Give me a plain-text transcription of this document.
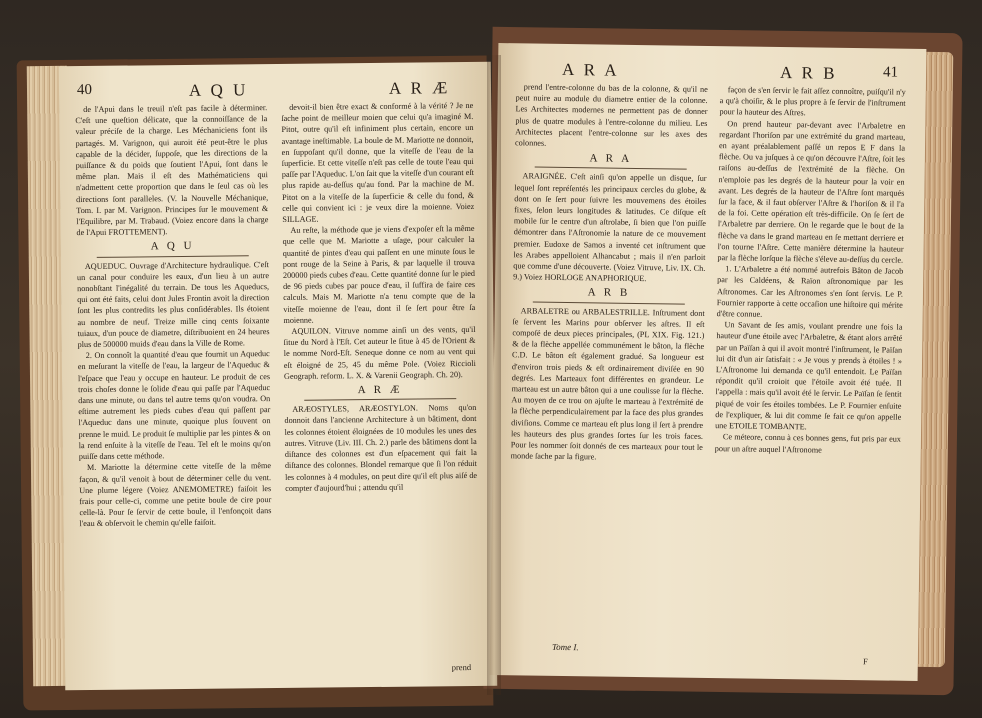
40	A Q U	A R Æ

de l'Apui dans le treuil n'eſt pas facile à déterminer. C'eſt une queſtion délicate, que la connoiſſance de la valeur préciſe de la charge. Les Méchaniciens font ils partagés. M. Varignon, qui auroit été peut-être le plus capable de la décider, ſuppoſe, que les directions de la puiſſance & du poids que ſoutient l'Apui, ſont dans le même plan. Mais il eſt des Mathématiciens qui n'admettent cette proportion que dans le ſeul cas où les directions ſont paralleles. (V. la Nouvelle Méchanique, Tom. I. par M. Varignon. Principes ſur le mouvement & l'Equilibre, par M. Trabaud. (Voiez encore dans la charge de l'Apui FROTTEMENT).

A Q U

AQUEDUC. Ouvrage d'Architecture hydraulique. C'eſt un canal pour conduire les eaux, d'un lieu à un autre nonobſtant l'inégalité du terrain. De tous les Aqueducs, qui ont été faits, celui dont Jules Frontin avoit la direction ſont les plus contredits les plus conſidérables. Ils étoient au nombre de neuf. Treize mille cinq cents ſoixante tuiaux, d'un pouce de diametre, diſtribuoient en 24 heures plus de 500000 muids d'eau dans la Ville de Rome.

2. On connoît la quantité d'eau que fournit un Aqueduc en meſurant la viteſſe de l'eau, la largeur de l'Aqueduc & l'eſpace que l'eau y occupe en hauteur. Le produit de ces trois choſes donne le ſolide d'eau qui paſſe par l'Aqueduc dans une minute, ou dans tel autre tems qu'on voudra. On eſtime autrement les pieds cubes d'eau qui paſſent par l'Aqueduc dans une minute, quoique plus ſouvent on prenne le muid. Le produit ſe multiplie par les pintes & on la rend enſuite à la viteſſe de l'eau. Tel eſt le moins qu'on puiſſe dans cette méthode.

M. Mariotte la détermine cette viteſſe de la même façon, & qu'il venoit à bout de déterminer celle du vent. Une plume légere (Voiez ANEMOMETRE) faiſoit les frais pour celle-ci, comme une petite boule de cire pour celle-là. Pour ſe ſervir de cette boule, il l'enfonçoit dans l'eau & obſervoit le chemin qu'elle faiſoit.

devoit-il bien être exact & conformé à la vérité ? Je ne ſache point de meilleur moien que celui qu'a imaginé M. Pitot, outre qu'il eſt infiniment plus certain, encore un avantage ineſtimable. La boule de M. Mariotte ne donnoit, en ſuppoſant qu'il donne, que la viteſſe de l'eau de la ſuperficie. Et cette viteſſe n'eſt pas celle de toute l'eau qui paſſe par l'Aqueduc. L'on ſait que la viteſſe d'un courant eſt plus rapide au-deſſus qu'au fond. Par la machine de M. Pitot on a la viteſſe de la ſuperficie & celle du fond, & celle qui convient ici : je veux dire la moienne. Voiez SILLAGE.

Au reſte, la méthode que je viens d'expoſer eſt la même que celle que M. Mariotte a uſage, pour calculer la quantité de pintes d'eau qui paſſent en une minute ſous le pont rouge de la Seine à Paris, & par laquelle il trouva 200000 pieds cubes d'eau. Cette quantité donne ſur le pied de 96 pieds cubes par pouce d'eau, il ſuffira de faire ces calculs. Mais M. Mariotte n'a tenu compte que de la viteſſe moienne de l'eau, dont il ſe ſert pour être ſa moienne.

AQUILON. Vitruve nomme ainſi un des vents, qu'il ſitue du Nord à l'Eſt. Cet auteur le ſitue à 45 de l'Orient & le nomme Nord-Eſt. Seneque donne ce nom au vent qui eſt éloigné de 25, 45 du même Pole. (Voiez Riccioli Geograph. reform. L. X. & Varenii Geograph. Ch. 20).

A R Æ

ARÆOSTYLES, ARÆOSTYLON. Noms qu'on donnoit dans l'ancienne Architecture à un bâtiment, dont les colonnes étoient éloignées de 10 modules les unes des autres. Vitruve (Liv. III. Ch. 2.) parle des bâtimens dont la diſtance des colonnes est d'un eſpacement qui fait la diſtance des colonnes. Blondel remarque que ſi l'on réduit les colonnes à 4 modules, on peut dire qu'il eſt plus aiſé de compter d'aujourd'hui ; attendu qu'il

prend
A R A	A R B	41

prend l'entre-colonne du bas de la colonne, & qu'il ne peut nuire au module du diametre entier de la colonne. Les Architectes modernes ne permettent pas de donner plus de quatre modules à l'entre-colonne du milieu. Les Architectes placent l'entre-colonne sur les axes des colonnes.

A R A

ARAIGNÉE. C'eſt ainſi qu'on appelle un disque, ſur lequel ſont repréſentés les principaux cercles du globe, & dont on ſe ſert pour ſuivre les mouvemens des étoiles fixes, ſelon leurs longitudes & latitudes. Ce diſque eſt mobile ſur le centre d'un aſtrolabe, ſi bien que l'on puiſſe démontrer dans l'Aſtronomie la nature de ce mouvement premier. Eudoxe de Samos a inventé cet inſtrument que les Arabes appelloient Alhancabut ; mais il n'en parloit que comme d'une découverte. (Voiez Vitruve, Liv. IX. Ch. 9.) Voiez HORLOGE ANAPHORIQUE.

A R B

ARBALETRE ou ARBALESTRILLE. Inſtrument dont ſe ſervent les Marins pour obſerver les aſtres. Il eſt compoſé de deux pieces principales, (PL XIX. Fig. 121.) & de la flèche appellée communément le bâton, la flèche C.D. Le bâton eſt également gradué. Sa longueur est d'environ trois pieds & eſt ordinairement diviſée en 90 degrés. Les Marteaux font différentes en grandeur. Le marteau est un autre bâton qui a une coulisse ſur la flèche. Au moyen de ce trou on ajuſte le marteau à l'extrémité de la flèche perpendiculairement par la face des plus grandes diviſions. Comme ce marteau eſt plus long il ſert à prendre les hauteurs des plus grandes ſortes ſur les trois faces. Pour les nommer ſoit donnés de ces marteaux pour tout le monde ſache par la figure.

façon de s'en ſervir le fait aſſez connoître, puiſqu'il n'y a qu'à choiſir, & le plus propre à ſe ſervir de l'inſtrument pour la hauteur des Aſtres.

On prend hauteur par-devant avec l'Arbaletre en regardant l'horiſon par une extrémité du grand marteau, en ayant préalablement paſſé un repos E F dans la flèche. Ou va juſques à ce qu'on découvre l'Aſtre, ſoit les raiſons au-deſſus de l'extrémité de la flèche. On n'emploie pas les degrés de la hauteur pour la voir en avant. Les degrés de la hauteur de l'Aſtre ſont marqués ſur la face, & il faut obſerver l'Aſtre & l'horiſon & il l'a de la foi. Cette opération eſt très-difficile. On ſe ſert de l'Arbaletre par derriere. On le regarde que le bout de la flèche va dans le grand marteau en ſe mettant derriere et l'on tourne l'Aſtre. Cette manière détermine la hauteur par la flèche lorſque la flèche s'éleve au-deſſus du cercle.

1. L'Arbaletre a été nommé autrefois Bâton de Jacob par les Caldéens, & Raïon aſtronomique par les Aſtronomes. Car les Aſtronomes s'en ſont ſervis. Le P. Fournier rapporte à cette occaſion une hiſtoire qui mérite d'être connue.

Un Savant de ſes amis, voulant prendre une fois la hauteur d'une étoile avec l'Arbaletre, & étant alors arrêté par un Païſan à qui il avoit montré l'inſtrument, le Païſan lui dit d'un air ſatisfait : « Je vous y prends à étoiles ! » L'Aſtronome lui demanda ce qu'il entendoit. Le Païſan répondit qu'il croioit que l'étoile avoit été tuée. Il l'appella : mais qu'il avoit été le ſervir. Le Païſan ſe ſentit piqué de voir ſes étoiles tombées. Le P. Fournier enſuite de l'expliquer, & lui dit comme ſe fait ce qu'on appelle une ETOILE TOMBANTE.

Ce méteore, connu à ces bonnes gens, fut pris par eux pour un aſtre auquel l'Aſtronome

Tome I.
F
